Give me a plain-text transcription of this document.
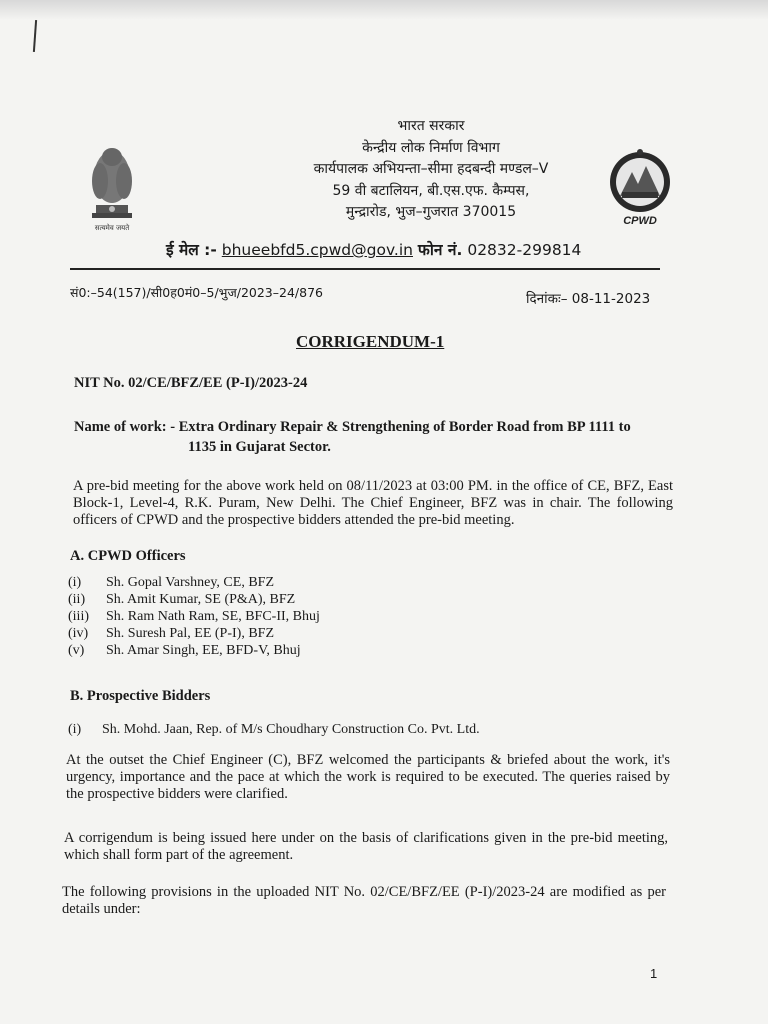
सत्यमेव जयते
CPWD
भारत सरकार
केन्द्रीय लोक निर्माण विभाग
कार्यपालक अभियन्ता–सीमा हदबन्दी मण्डल–V
59 वी बटालियन, बी.एस.एफ. कैम्पस,
मुन्द्रारोड, भुज–गुजरात 370015
ई मेल :- bhueebfd5.cpwd@gov.in फोन नं. 02832-299814
सं0:–54(157)/सी0ह0मं0–5/भुज/2023–24/876	दिनांकः– 08-11-2023
CORRIGENDUM-1
NIT No. 02/CE/BFZ/EE (P-I)/2023-24
Name of work: - Extra Ordinary Repair & Strengthening of Border Road from BP 1111 to
1135 in Gujarat Sector.
A pre-bid meeting for the above work held on 08/11/2023 at 03:00 PM. in the office of CE, BFZ, East Block-1, Level-4, R.K. Puram, New Delhi. The Chief Engineer, BFZ was in chair. The following officers of CPWD and the prospective bidders attended the pre-bid meeting.
A. CPWD Officers
(i) Sh. Gopal Varshney, CE, BFZ
(ii) Sh. Amit Kumar, SE (P&A), BFZ
(iii) Sh. Ram Nath Ram, SE, BFC-II, Bhuj
(iv) Sh. Suresh Pal, EE (P-I), BFZ
(v) Sh. Amar Singh, EE, BFD-V, Bhuj
B. Prospective Bidders
(i) Sh. Mohd. Jaan, Rep. of M/s Choudhary Construction Co. Pvt. Ltd.
At the outset the Chief Engineer (C), BFZ welcomed the participants & briefed about the work, it's urgency, importance and the pace at which the work is required to be executed. The queries raised by the prospective bidders were clarified.
A corrigendum is being issued here under on the basis of clarifications given in the pre-bid meeting, which shall form part of the agreement.
The following provisions in the uploaded NIT No. 02/CE/BFZ/EE (P-I)/2023-24 are modified as per details under:
1
